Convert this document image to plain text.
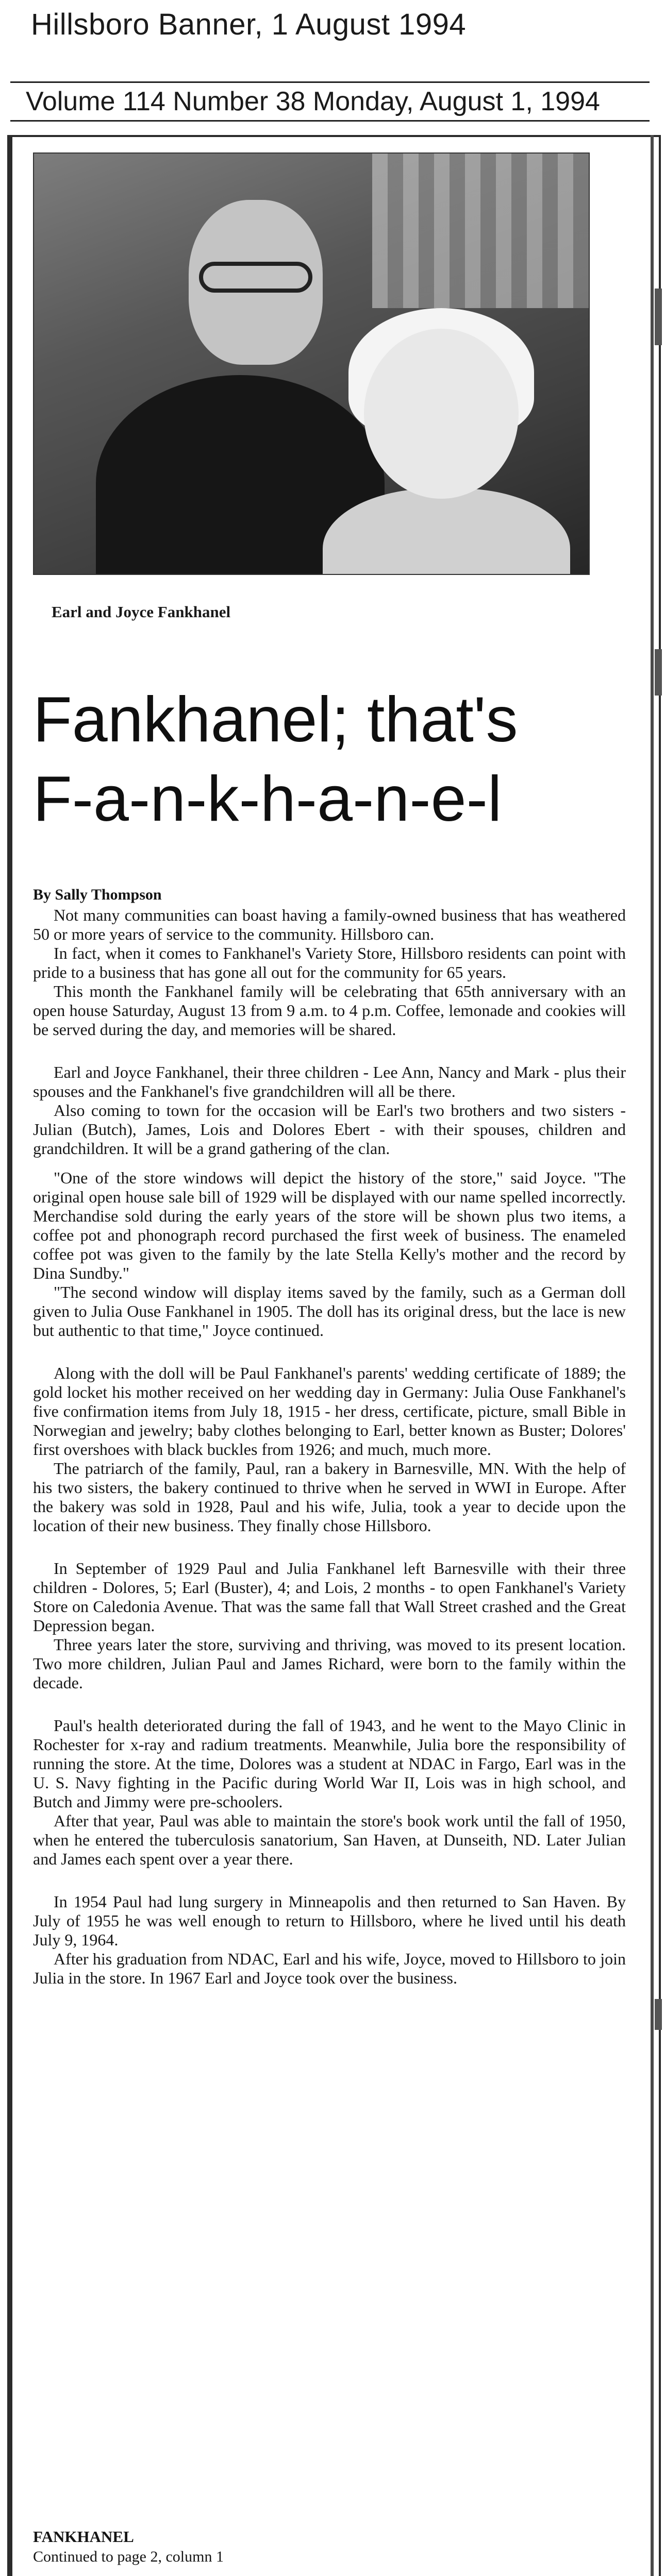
Hillsboro Banner, 1 August 1994
Volume 114 Number 38 Monday, August 1, 1994
Earl and Joyce Fankhanel
Fankhanel; that's
F-a-n-k-h-a-n-e-l
By Sally Thompson

Not many communities can boast having a family-owned business that has weathered 50 or more years of service to the community. Hillsboro can.

In fact, when it comes to Fankhanel's Variety Store, Hillsboro residents can point with pride to a business that has gone all out for the community for 65 years.

This month the Fankhanel family will be celebrating that 65th anniversary with an open house Saturday, August 13 from 9 a.m. to 4 p.m. Coffee, lemonade and cookies will be served during the day, and memories will be shared.

Earl and Joyce Fankhanel, their three children - Lee Ann, Nancy and Mark - plus their spouses and the Fankhanel's five grandchildren will all be there.

Also coming to town for the occasion will be Earl's two brothers and two sisters - Julian (Butch), James, Lois and Dolores Ebert - with their spouses, children and grandchildren. It will be a grand gathering of the clan.

"One of the store windows will depict the history of the store," said Joyce. "The original open house sale bill of 1929 will be displayed with our name spelled incorrectly. Merchandise sold during the early years of the store will be shown plus two items, a coffee pot and phonograph record purchased the first week of business. The enameled coffee pot was given to the family by the late Stella Kelly's mother and the record by Dina Sundby."

"The second window will display items saved by the family, such as a German doll given to Julia Ouse Fankhanel in 1905. The doll has its original dress, but the lace is new but authentic to that time," Joyce continued.

Along with the doll will be Paul Fankhanel's parents' wedding certificate of 1889; the gold locket his mother received on her wedding day in Germany: Julia Ouse Fankhanel's five confirmation items from July 18, 1915 - her dress, certificate, picture, small Bible in Norwegian and jewelry; baby clothes belonging to Earl, better known as Buster; Dolores' first overshoes with black buckles from 1926; and much, much more.

The patriarch of the family, Paul, ran a bakery in Barnesville, MN. With the help of his two sisters, the bakery continued to thrive when he served in WWI in Europe. After the bakery was sold in 1928, Paul and his wife, Julia, took a year to decide upon the location of their new business. They finally chose Hillsboro.

In September of 1929 Paul and Julia Fankhanel left Barnesville with their three children - Dolores, 5; Earl (Buster), 4; and Lois, 2 months - to open Fankhanel's Variety Store on Caledonia Avenue. That was the same fall that Wall Street crashed and the Great Depression began.

Three years later the store, surviving and thriving, was moved to its present location. Two more children, Julian Paul and James Richard, were born to the family within the decade.

Paul's health deteriorated during the fall of 1943, and he went to the Mayo Clinic in Rochester for x-ray and radium treatments. Meanwhile, Julia bore the responsibility of running the store. At the time, Dolores was a student at NDAC in Fargo, Earl was in the U. S. Navy fighting in the Pacific during World War II, Lois was in high school, and Butch and Jimmy were pre-schoolers.

After that year, Paul was able to maintain the store's book work until the fall of 1950, when he entered the tuberculosis sanatorium, San Haven, at Dunseith, ND. Later Julian and James each spent over a year there.

In 1954 Paul had lung surgery in Minneapolis and then returned to San Haven. By July of 1955 he was well enough to return to Hillsboro, where he lived until his death July 9, 1964.

After his graduation from NDAC, Earl and his wife, Joyce, moved to Hillsboro to join Julia in the store. In 1967 Earl and Joyce took over the business.

FANKHANEL
Continued to page 2, column 1
